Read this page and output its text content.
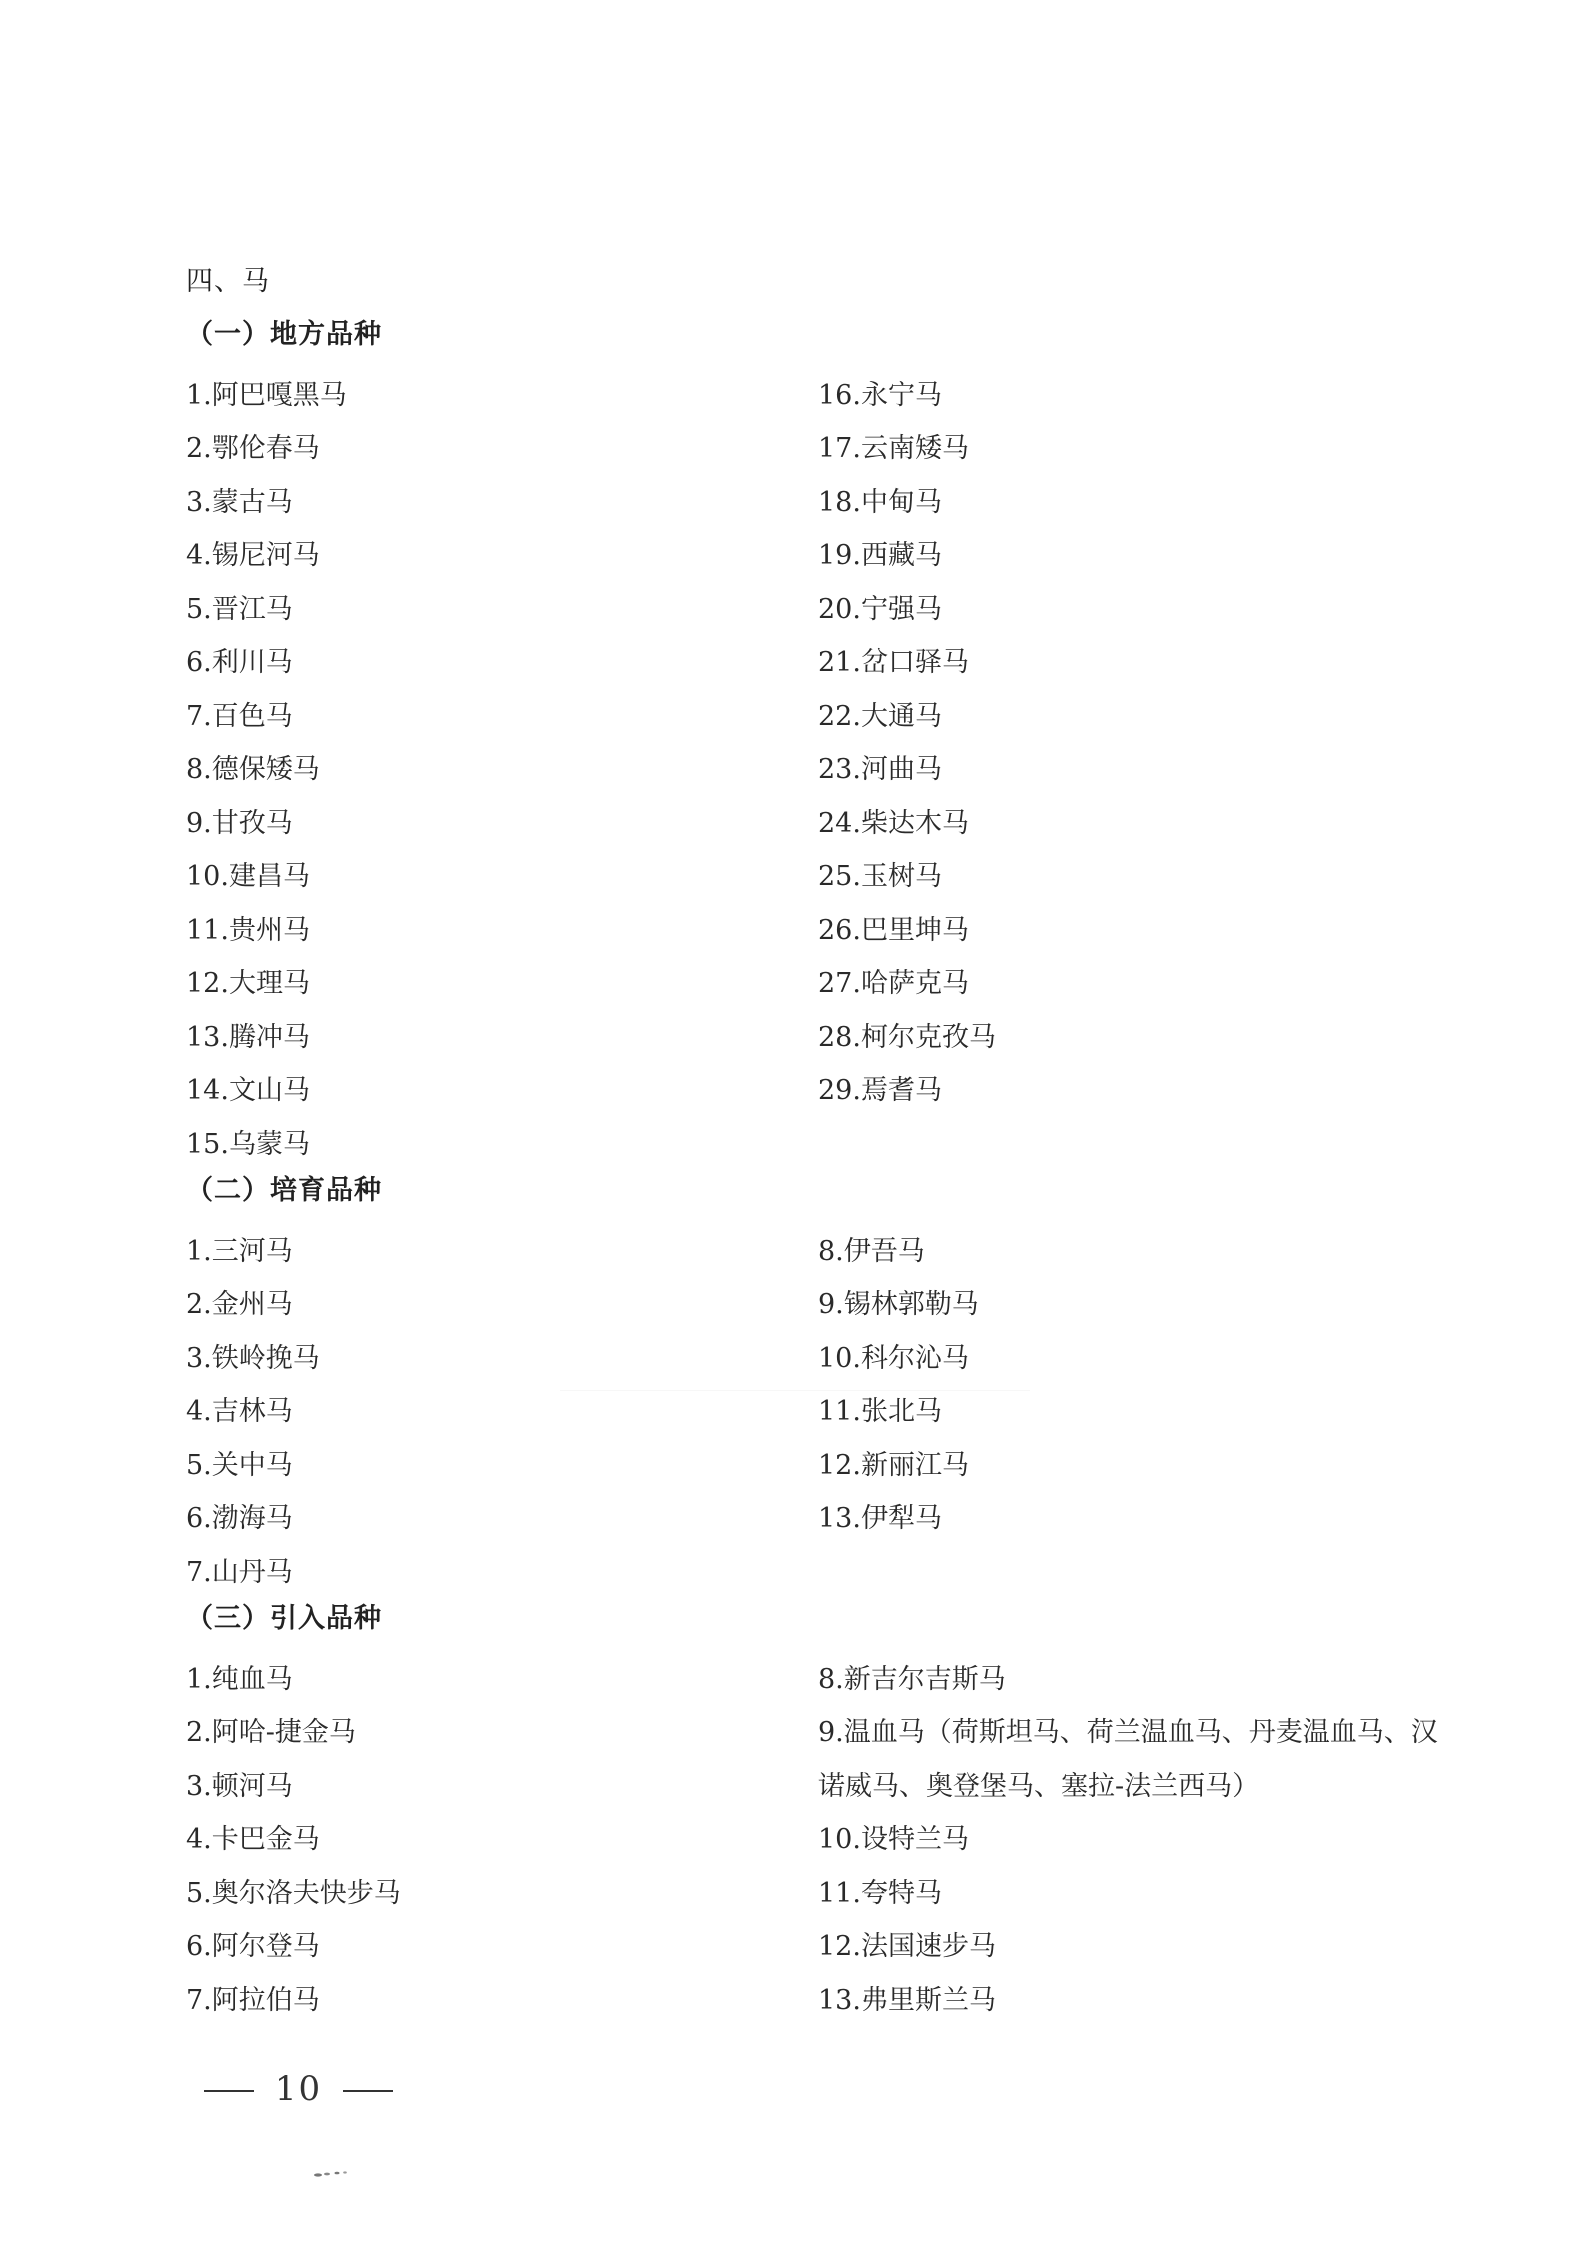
四、马
（一）地方品种
1.阿巴嘎黑马
2.鄂伦春马
3.蒙古马
4.锡尼河马
5.晋江马
6.利川马
7.百色马
8.德保矮马
9.甘孜马
10.建昌马
11.贵州马
12.大理马
13.腾冲马
14.文山马
15.乌蒙马
16.永宁马
17.云南矮马
18.中甸马
19.西藏马
20.宁强马
21.岔口驿马
22.大通马
23.河曲马
24.柴达木马
25.玉树马
26.巴里坤马
27.哈萨克马
28.柯尔克孜马
29.焉耆马
（二）培育品种
1.三河马
2.金州马
3.铁岭挽马
4.吉林马
5.关中马
6.渤海马
7.山丹马
8.伊吾马
9.锡林郭勒马
10.科尔沁马
11.张北马
12.新丽江马
13.伊犁马
（三）引入品种
1.纯血马
2.阿哈-捷金马
3.顿河马
4.卡巴金马
5.奥尔洛夫快步马
6.阿尔登马
7.阿拉伯马
8.新吉尔吉斯马
9.温血马（荷斯坦马、荷兰温血马、丹麦温血马、汉诺威马、奥登堡马、塞拉-法兰西马）
10.设特兰马
11.夸特马
12.法国速步马
13.弗里斯兰马
10
